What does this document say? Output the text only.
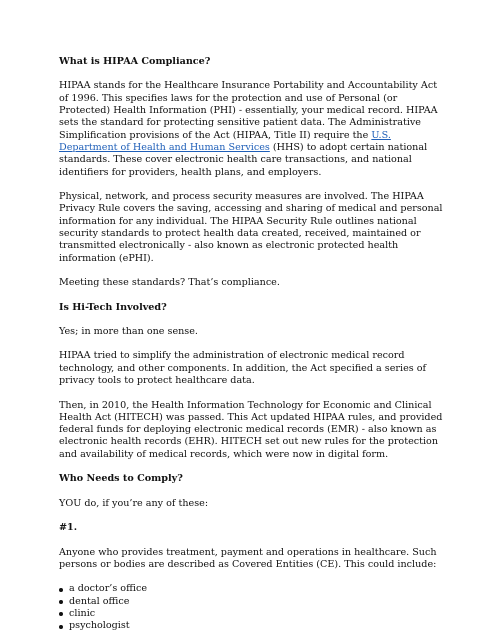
What is HIPAA Compliance?

HIPAA stands for the Healthcare Insurance Portability and Accountability Act of 1996. This specifies laws for the protection and use of Personal (or Protected) Health Information (PHI) - essentially, your medical record. HIPAA sets the standard for protecting sensitive patient data. The Administrative Simplification provisions of the Act (HIPAA, Title II) require the U.S. Department of Health and Human Services (HHS) to adopt certain national standards. These cover electronic health care transactions, and national identifiers for providers, health plans, and employers.

Physical, network, and process security measures are involved. The HIPAA Privacy Rule covers the saving, accessing and sharing of medical and personal information for any individual. The HIPAA Security Rule outlines national security standards to protect health data created, received, maintained or transmitted electronically - also known as electronic protected health information (ePHI).

Meeting these standards? That’s compliance.

Is Hi-Tech Involved?

Yes; in more than one sense.

HIPAA tried to simplify the administration of electronic medical record technology, and other components. In addition, the Act specified a series of privacy tools to protect healthcare data.

Then, in 2010, the Health Information Technology for Economic and Clinical Health Act (HITECH) was passed. This Act updated HIPAA rules, and provided federal funds for deploying electronic medical records (EMR) - also known as electronic health records (EHR). HITECH set out new rules for the protection and availability of medical records, which were now in digital form.

Who Needs to Comply?

YOU do, if you’re any of these:

#1.

Anyone who provides treatment, payment and operations in healthcare. Such persons or bodies are described as Covered Entities (CE). This could include:

a doctor’s office
dental office
clinic
psychologist
